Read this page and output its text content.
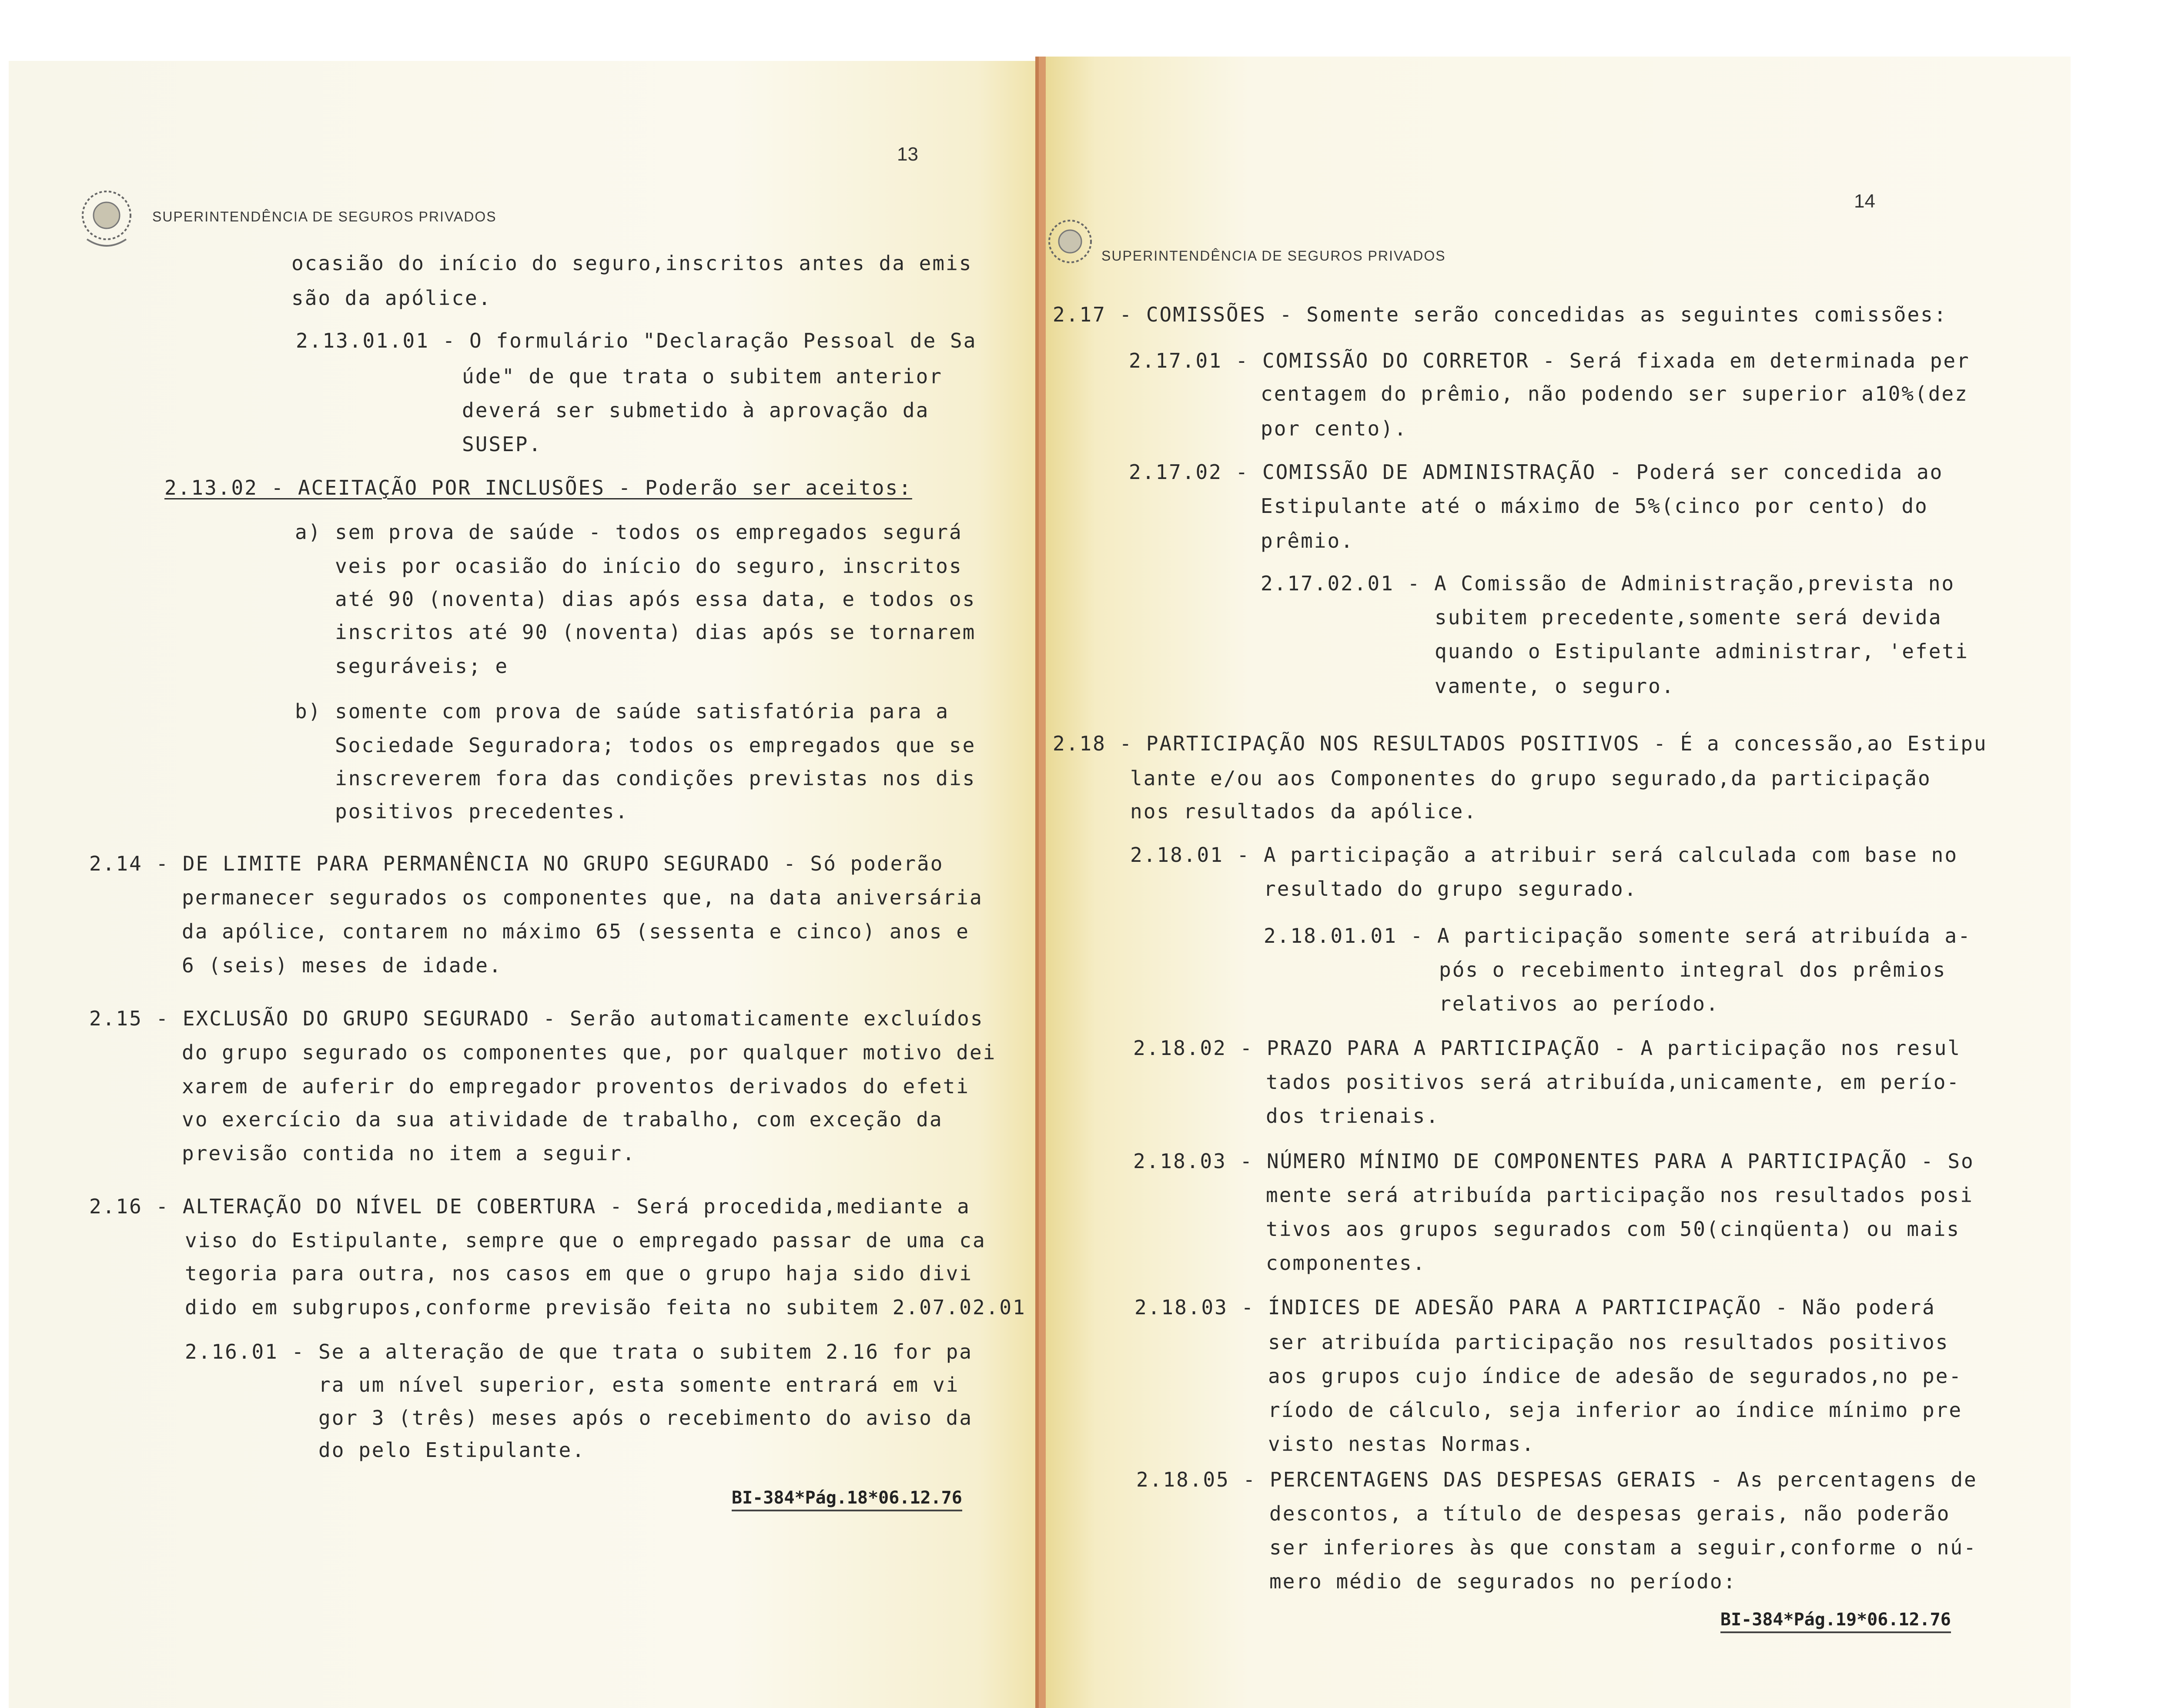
SUPERINTENDÊNCIA DE SEGUROS PRIVADOS
13
ocasião do início do seguro,inscritos antes da emis
são da apólice.
2.13.01.01 - O formulário "Declaração Pessoal de Sa
úde" de que trata o subitem anterior
deverá ser submetido à aprovação da
SUSEP.
2.13.02 - ACEITAÇÃO POR INCLUSÕES - Poderão ser aceitos:
a) sem prova de saúde - todos os empregados segurá
veis por ocasião do início do seguro, inscritos
até 90 (noventa) dias após essa data, e todos os
inscritos até 90 (noventa) dias após se tornarem
seguráveis; e
b) somente com prova de saúde satisfatória para a
Sociedade Seguradora; todos os empregados que se
inscreverem fora das condições previstas nos dis
positivos precedentes.
2.14 - DE LIMITE PARA PERMANÊNCIA NO GRUPO SEGURADO - Só poderão
permanecer segurados os componentes que, na data aniversária
da apólice, contarem no máximo 65 (sessenta e cinco) anos e
6 (seis) meses de idade.
2.15 - EXCLUSÃO DO GRUPO SEGURADO - Serão automaticamente excluídos
do grupo segurado os componentes que, por qualquer motivo dei
xarem de auferir do empregador proventos derivados do efeti
vo exercício da sua atividade de trabalho, com exceção da
previsão contida no item a seguir.
2.16 - ALTERAÇÃO DO NÍVEL DE COBERTURA - Será procedida,mediante a
viso do Estipulante, sempre que o empregado passar de uma ca
tegoria para outra, nos casos em que o grupo haja sido divi
dido em subgrupos,conforme previsão feita no subitem 2.07.02.01
2.16.01 - Se a alteração de que trata o subitem 2.16 for pa
ra um nível superior, esta somente entrará em vi
gor 3 (três) meses após o recebimento do aviso da
do pelo Estipulante.
BI-384*Pág.18*06.12.76
SUPERINTENDÊNCIA DE SEGUROS PRIVADOS
14
2.17 - COMISSÕES - Somente serão concedidas as seguintes comissões:
2.17.01 - COMISSÃO DO CORRETOR - Será fixada em determinada per
centagem do prêmio, não podendo ser superior a10%(dez
por cento).
2.17.02 - COMISSÃO DE ADMINISTRAÇÃO - Poderá ser concedida ao
Estipulante até o máximo de 5%(cinco por cento) do
prêmio.
2.17.02.01 - A Comissão de Administração,prevista no
subitem precedente,somente será devida
quando o Estipulante administrar, 'efeti
vamente, o seguro.
2.18 - PARTICIPAÇÃO NOS RESULTADOS POSITIVOS - É a concessão,ao Estipu
lante e/ou aos Componentes do grupo segurado,da participação
nos resultados da apólice.
2.18.01 - A participação a atribuir será calculada com base no
resultado do grupo segurado.
2.18.01.01 - A participação somente será atribuída a-
pós o recebimento integral dos prêmios
relativos ao período.
2.18.02 - PRAZO PARA A PARTICIPAÇÃO - A participação nos resul
tados positivos será atribuída,unicamente, em perío-
dos trienais.
2.18.03 - NÚMERO MÍNIMO DE COMPONENTES PARA A PARTICIPAÇÃO - So
mente será atribuída participação nos resultados posi
tivos aos grupos segurados com 50(cinqüenta) ou mais
componentes.
2.18.03 - ÍNDICES DE ADESÃO PARA A PARTICIPAÇÃO - Não poderá
ser atribuída participação nos resultados positivos
aos grupos cujo índice de adesão de segurados,no pe-
ríodo de cálculo, seja inferior ao índice mínimo pre
visto nestas Normas.
2.18.05 - PERCENTAGENS DAS DESPESAS GERAIS - As percentagens de
descontos, a título de despesas gerais, não poderão
ser inferiores às que constam a seguir,conforme o nú-
mero médio de segurados no período:
BI-384*Pág.19*06.12.76
